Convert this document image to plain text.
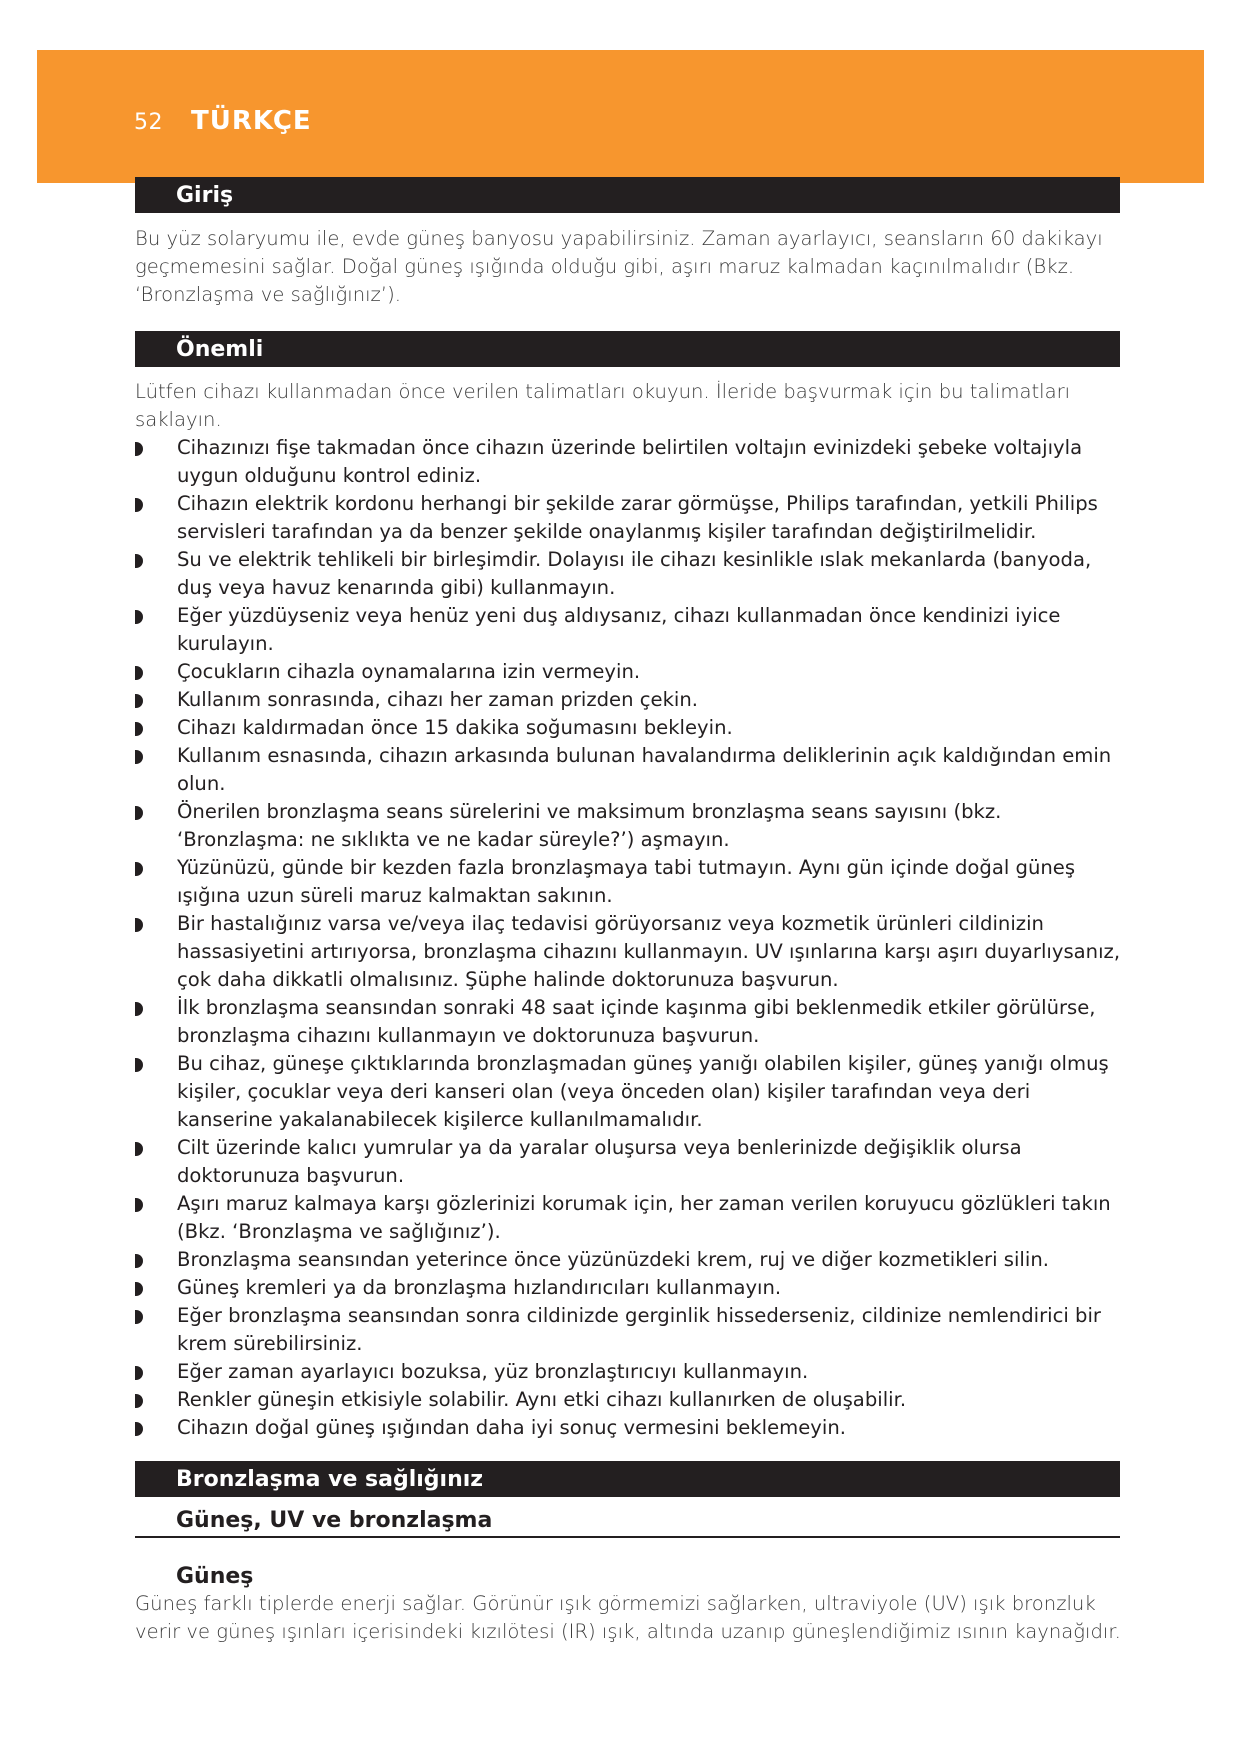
52 TÜRKÇE
Giriş

Bu yüz solaryumu ile, evde güneş banyosu yapabilirsiniz. Zaman ayarlayıcı, seansların 60 dakikayı geçmemesini sağlar. Doğal güneş ışığında olduğu gibi, aşırı maruz kalmadan kaçınılmalıdır (Bkz. ‘Bronzlaşma ve sağlığınız’).

Önemli

Lütfen cihazı kullanmadan önce verilen talimatları okuyun. İleride başvurmak için bu talimatları saklayın.

Cihazınızı fişe takmadan önce cihazın üzerinde belirtilen voltajın evinizdeki şebeke voltajıyla uygun olduğunu kontrol ediniz.
Cihazın elektrik kordonu herhangi bir şekilde zarar görmüşse, Philips tarafından, yetkili Philips servisleri tarafından ya da benzer şekilde onaylanmış kişiler tarafından değiştirilmelidir.
Su ve elektrik tehlikeli bir birleşimdir. Dolayısı ile cihazı kesinlikle ıslak mekanlarda (banyoda, duş veya havuz kenarında gibi) kullanmayın.
Eğer yüzdüyseniz veya henüz yeni duş aldıysanız, cihazı kullanmadan önce kendinizi iyice kurulayın.
Çocukların cihazla oynamalarına izin vermeyin.
Kullanım sonrasında, cihazı her zaman prizden çekin.
Cihazı kaldırmadan önce 15 dakika soğumasını bekleyin.
Kullanım esnasında, cihazın arkasında bulunan havalandırma deliklerinin açık kaldığından emin olun.
Önerilen bronzlaşma seans sürelerini ve maksimum bronzlaşma seans sayısını (bkz. ‘Bronzlaşma: ne sıklıkta ve ne kadar süreyle?’) aşmayın.
Yüzünüzü, günde bir kezden fazla bronzlaşmaya tabi tutmayın. Aynı gün içinde doğal güneş ışığına uzun süreli maruz kalmaktan sakının.
Bir hastalığınız varsa ve/veya ilaç tedavisi görüyorsanız veya kozmetik ürünleri cildinizin hassasiyetini artırıyorsa, bronzlaşma cihazını kullanmayın. UV ışınlarına karşı aşırı duyarlıysanız, çok daha dikkatli olmalısınız. Şüphe halinde doktorunuza başvurun.
İlk bronzlaşma seansından sonraki 48 saat içinde kaşınma gibi beklenmedik etkiler görülürse, bronzlaşma cihazını kullanmayın ve doktorunuza başvurun.
Bu cihaz, güneşe çıktıklarında bronzlaşmadan güneş yanığı olabilen kişiler, güneş yanığı olmuş kişiler, çocuklar veya deri kanseri olan (veya önceden olan) kişiler tarafından veya deri kanserine yakalanabilecek kişilerce kullanılmamalıdır.
Cilt üzerinde kalıcı yumrular ya da yaralar oluşursa veya benlerinizde değişiklik olursa doktorunuza başvurun.
Aşırı maruz kalmaya karşı gözlerinizi korumak için, her zaman verilen koruyucu gözlükleri takın (Bkz. ‘Bronzlaşma ve sağlığınız’).
Bronzlaşma seansından yeterince önce yüzünüzdeki krem, ruj ve diğer kozmetikleri silin.
Güneş kremleri ya da bronzlaşma hızlandırıcıları kullanmayın.
Eğer bronzlaşma seansından sonra cildinizde gerginlik hissederseniz, cildinize nemlendirici bir krem sürebilirsiniz.
Eğer zaman ayarlayıcı bozuksa, yüz bronzlaştırıcıyı kullanmayın.
Renkler güneşin etkisiyle solabilir. Aynı etki cihazı kullanırken de oluşabilir.
Cihazın doğal güneş ışığından daha iyi sonuç vermesini beklemeyin.
Bronzlaşma ve sağlığınız
Güneş, UV ve bronzlaşma
Güneş

Güneş farklı tiplerde enerji sağlar. Görünür ışık görmemizi sağlarken, ultraviyole (UV) ışık bronzluk verir ve güneş ışınları içerisindeki kızılötesi (IR) ışık, altında uzanıp güneşlendiğimiz ısının kaynağıdır.
